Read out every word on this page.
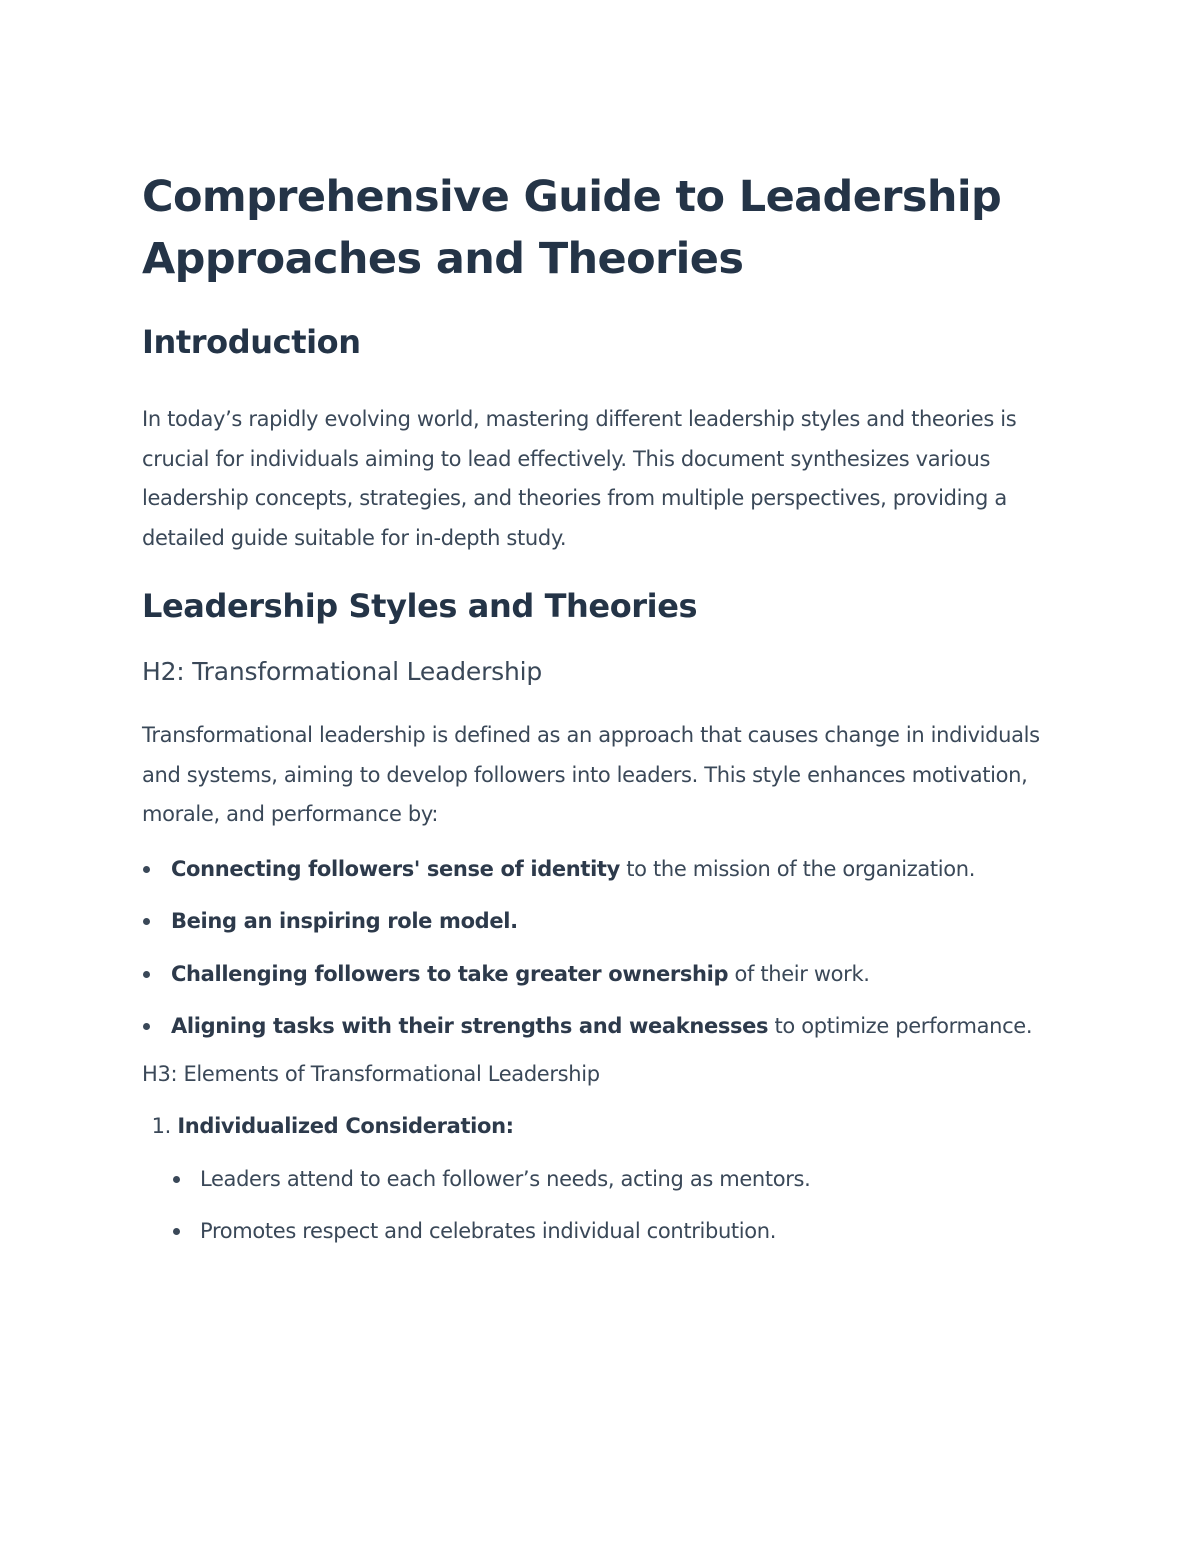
Comprehensive Guide to Leadership Approaches and Theories
Introduction

In today’s rapidly evolving world, mastering different leadership styles and theories is crucial for individuals aiming to lead effectively. This document synthesizes various leadership concepts, strategies, and theories from multiple perspectives, providing a detailed guide suitable for in-depth study.

Leadership Styles and Theories
H2: Transformational Leadership

Transformational leadership is defined as an approach that causes change in individuals and systems, aiming to develop followers into leaders. This style enhances motivation, morale, and performance by:

Connecting followers' sense of identity to the mission of the organization.
Being an inspiring role model.
Challenging followers to take greater ownership of their work.
Aligning tasks with their strengths and weaknesses to optimize performance.
H3: Elements of Transformational Leadership
1. Individualized Consideration:
Leaders attend to each follower’s needs, acting as mentors.
Promotes respect and celebrates individual contribution.
